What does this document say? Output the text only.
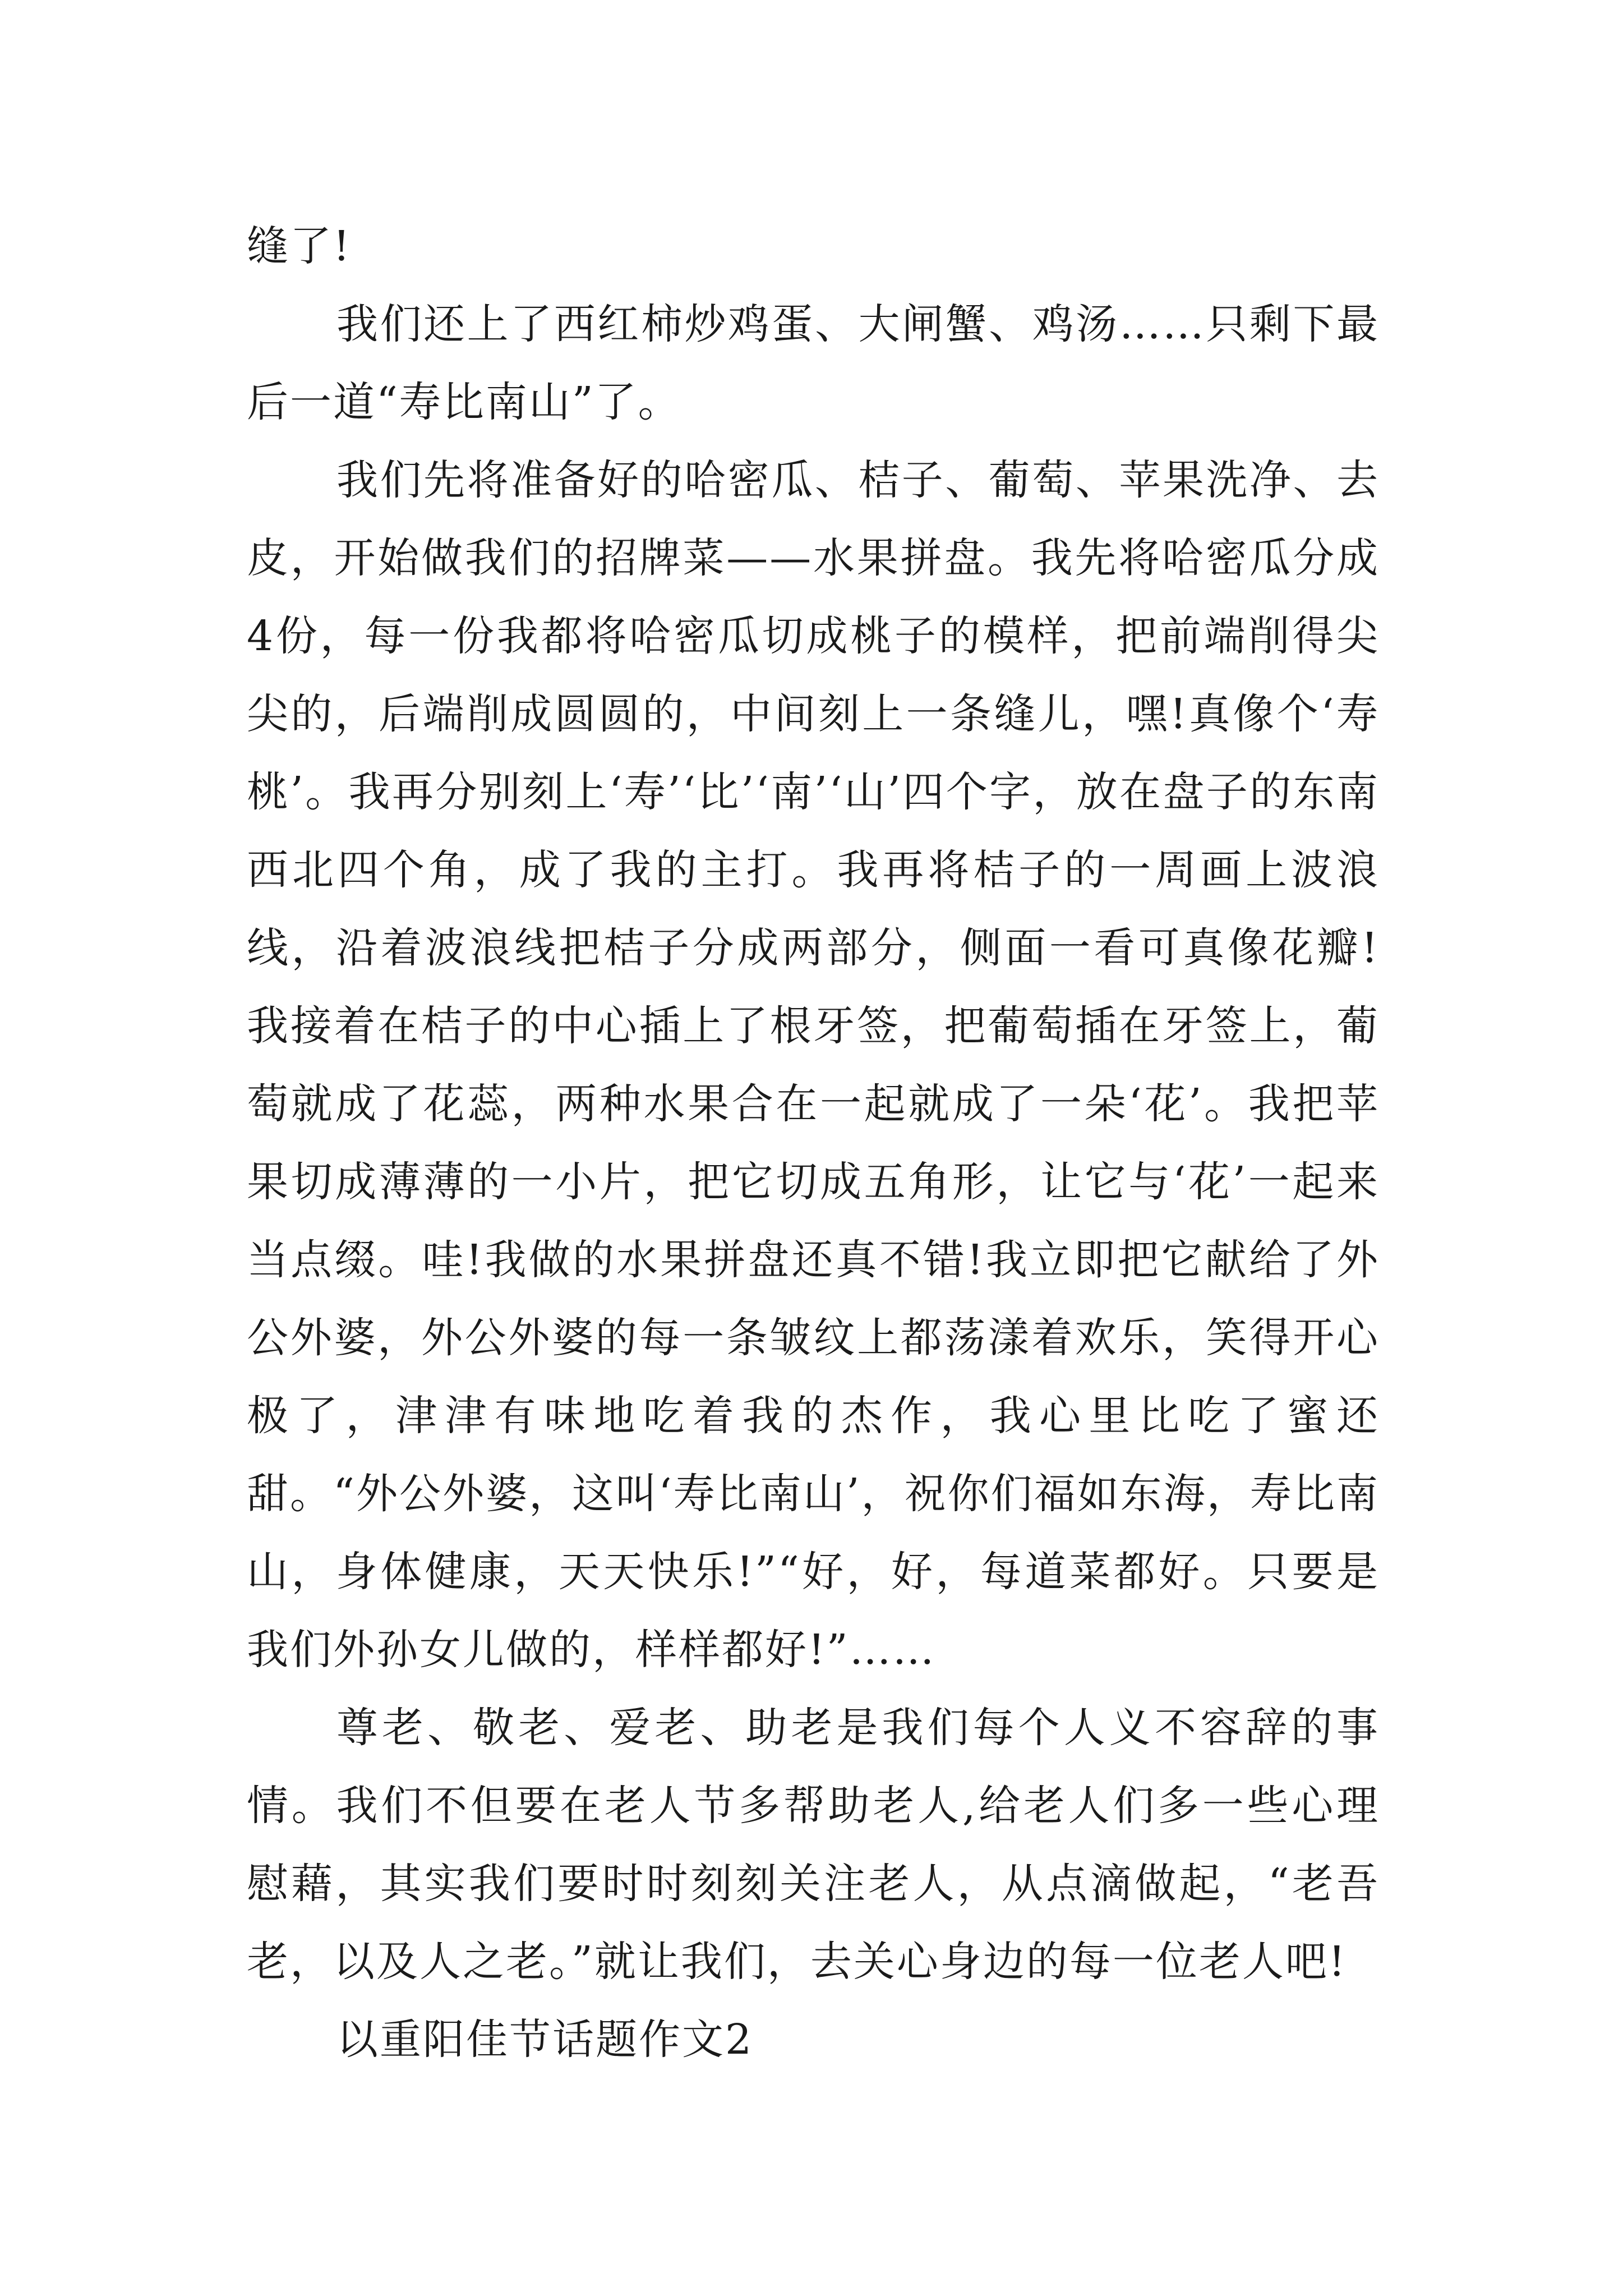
缝了!

我们还上了西红柿炒鸡蛋、大闸蟹、鸡汤……只剩下最后一道“寿比南山”了。

我们先将准备好的哈密瓜、桔子、葡萄、苹果洗净、去皮，开始做我们的招牌菜——水果拼盘。我先将哈密瓜分成4份，每一份我都将哈密瓜切成桃子的模样，把前端削得尖尖的，后端削成圆圆的，中间刻上一条缝儿，嘿!真像个‘寿桃’。我再分别刻上‘寿’‘比’‘南’‘山’四个字，放在盘子的东南西北四个角，成了我的主打。我再将桔子的一周画上波浪线，沿着波浪线把桔子分成两部分，侧面一看可真像花瓣!我接着在桔子的中心插上了根牙签，把葡萄插在牙签上，葡萄就成了花蕊，两种水果合在一起就成了一朵‘花’。我把苹果切成薄薄的一小片，把它切成五角形，让它与‘花’一起来当点缀。哇!我做的水果拼盘还真不错!我立即把它献给了外公外婆，外公外婆的每一条皱纹上都荡漾着欢乐，笑得开心极了，津津有味地吃着我的杰作，我心里比吃了蜜还甜。“外公外婆，这叫‘寿比南山’，祝你们福如东海，寿比南山，身体健康，天天快乐!”“好，好，每道菜都好。只要是我们外孙女儿做的，样样都好!”……

尊老、敬老、爱老、助老是我们每个人义不容辞的事情。我们不但要在老人节多帮助老人,给老人们多一些心理慰藉，其实我们要时时刻刻关注老人，从点滴做起，“老吾老，以及人之老。”就让我们，去关心身边的每一位老人吧!

以重阳佳节话题作文2
